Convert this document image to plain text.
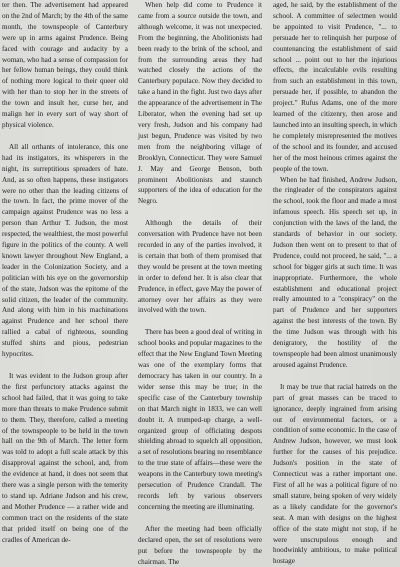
ter then. The advertisement had appeared on the 2nd of March; by the 4th of the same month, the townspeople of Canterbury were up in arms against Prudence. Being faced with courage and audacity by a woman, who had a sense of compassion for her fellow human beings, they could think of nothing more logical to their queer old with her than to stop her in the streets of the town and insult her, curse her, and malign her in every sort of way short of physical violence.

All all orthants of intolerance, this one had its instigators, its whisperers in the night, its surreptitious spreaders of hate. And, as so often happens, these instigators were no other than the leading citizens of the town. In fact, the prime mover of the campaign against Prudence was no less a person than Arthur T. Judson, the most respected, the wealthiest, the most powerful figure in the politics of the county. A well known lawyer throughout New England, a leader in the Colonization Society, and a politician with his eye on the governorship of the state, Judson was the epitome of the solid citizen, the leader of the community. And along with him in his machinations against Prudence and her school there rallied a cabal of righteous, sounding stuffed shirts and pious, pedestrian hypocrites.

It was evident to the Judson group after the first perfunctory attacks against the school had failed, that it was going to take more than threats to make Prudence submit to them. They, therefore, called a meeting of the townspeople to be held in the town hall on the 9th of March. The letter form was told to adopt a full scale attack by this disapproval against the school, and, from the evidence at hand, it does not seem that there was a single person with the temerity to stand up. Adriane Judson and his crew, and Mother Prudence — a rather wide and common tract on the residents of the state that prided itself on being one of the cradles of American de-

When help did come to Prudence it came from a source outside the town, and although welcome, it was not unexpected. From the beginning, the Abolitionists had been ready to the brink of the school, and from the surrounding areas they had watched closely the actions of the Canterbury populace. Now they decided to take a hand in the fight. Just two days after the appearance of the advertisement in The Liberator, when the evening had set up very fresh, Judson and his company had just begun, Prudence was visited by two men from the neighboring village of Brooklyn, Connecticut. They were Samuel J. May and George Benson, both prominent Abolitionists and staunch supporters of the idea of education for the Negro.

Although the details of their conversation with Prudence have not been recorded in any of the parties involved, it is certain that both of them promised that they would be present at the town meeting in order to defend her. It is also clear that Prudence, in effect, gave May the power of attorney over her affairs as they were involved with the town.

There has been a good deal of writing in school books and popular magazines to the effect that the New England Town Meeting was one of the exemplary forms that democracy has taken in our country. In a wider sense this may be true; in the specific case of the Canterbury township on that March night in 1833, we can well doubt it. A trumped-up charge, a well-organized group of officiating despots shielding abroad to squelch all opposition, a set of resolutions bearing no resemblance to the true state of affairs—these were the weapons in the Canterbury town meeting's persecution of Prudence Crandall. The records left by various observers concerning the meeting are illuminating.

After the meeting had been officially declared open, the set of resolutions were put before the townspeople by the chairman. The

aged, he said, by the establishment of the school. A committee of selectmen would be appointed to visit Prudence, "... to persuade her to relinquish her purpose of countenancing the establishment of said school ... point out to her the injurious effects, the incalculable evils resulting from such an establishment in this town, persuade her, if possible, to abandon the project." Rufus Adams, one of the more learned of the citizenry, then arose and launched into an insulting speech, in which he completely misrepresented the motives of the school and its founder, and accused her of the most heinous crimes against the people of the town.

When he had finished, Andrew Judson, the ringleader of the conspirators against the school, took the floor and made a most infamous speech. His speech set up, in conjunction with the laws of the land, the standards of behavior in our society. Judson then went on to present to that of Prudence, could not proceed, he said, "... a school for bigger girls at such time. It was inappropriate. Furthermore, the whole establishment and educational project really amounted to a "conspiracy" on the part of Prudence and her supporters against the best interests of the town. By the time Judson was through with his denigratory, the hostility of the townspeople had been almost unanimously aroused against Prudence.

It may be true that racial hatreds on the part of great masses can be traced to ignorance, deeply ingrained from arising out of environmental factors, or a condition of some economic. In the case of Andrew Judson, however, we must look further for the causes of his prejudice. Judson's position in the state of Connecticut was a rather important one. First of all he was a political figure of no small stature, being spoken of very widely as a likely candidate for the governor's seat. A man with designs on the highest office of the state might not stop, if he were unscrupulous enough and hoodwinkly ambitious, to make political hostage
